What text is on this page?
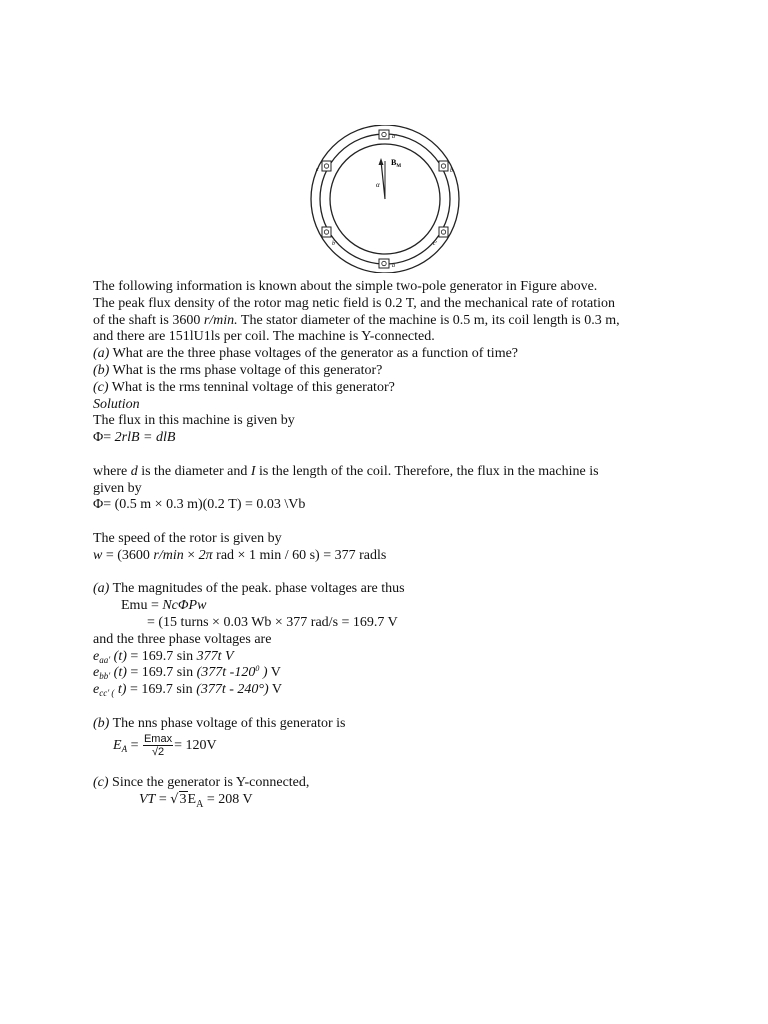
$B_M$
α
a'
a
b
c
b'	c'
The following information is known about the simple two-pole generator in Figure above.
The peak flux density of the rotor mag netic field is 0.2 T, and the mechanical rate of rotation
of the shaft is 3600 r/min. The stator diameter of the machine is 0.5 m, its coil length is 0.3 m,
and there are 151lU1ls per coil. The machine is Y-connected.
(a) What are the three phase voltages of the generator as a function of time?
(b) What is the rms phase voltage of this generator?
(c) What is the rms tenninal voltage of this generator?
Solution
The flux in this machine is given by
Φ= 2rlB = dlB
where d is the diameter and I is the length of the coil. Therefore, the flux in the machine is
given by
Φ= (0.5 m × 0.3 m)(0.2 T) = 0.03 \Vb
The speed of the rotor is given by
w = (3600 r/min × 2π rad × 1 min / 60 s) = 377 radls
(a) The magnitudes of the peak. phase voltages are thus
Emu = NcΦPw
= (15 turns × 0.03 Wb × 377 rad/s = 169.7 V
and the three phase voltages are
$e_{aa'}$ (t) = 169.7 sin 377t V
$e_{bb'}$ (t) = 169.7 sin (377t $-120^0$ ) V
$e_{cc' (}$ t) = 169.7 sin (377t - 240°) V
(b) The nns phase voltage of this generator is
$E_A = \frac{Emax}{√2} = 120V$
(c) Since the generator is Y-connected,
VT = $√3E_A = 208$ V
